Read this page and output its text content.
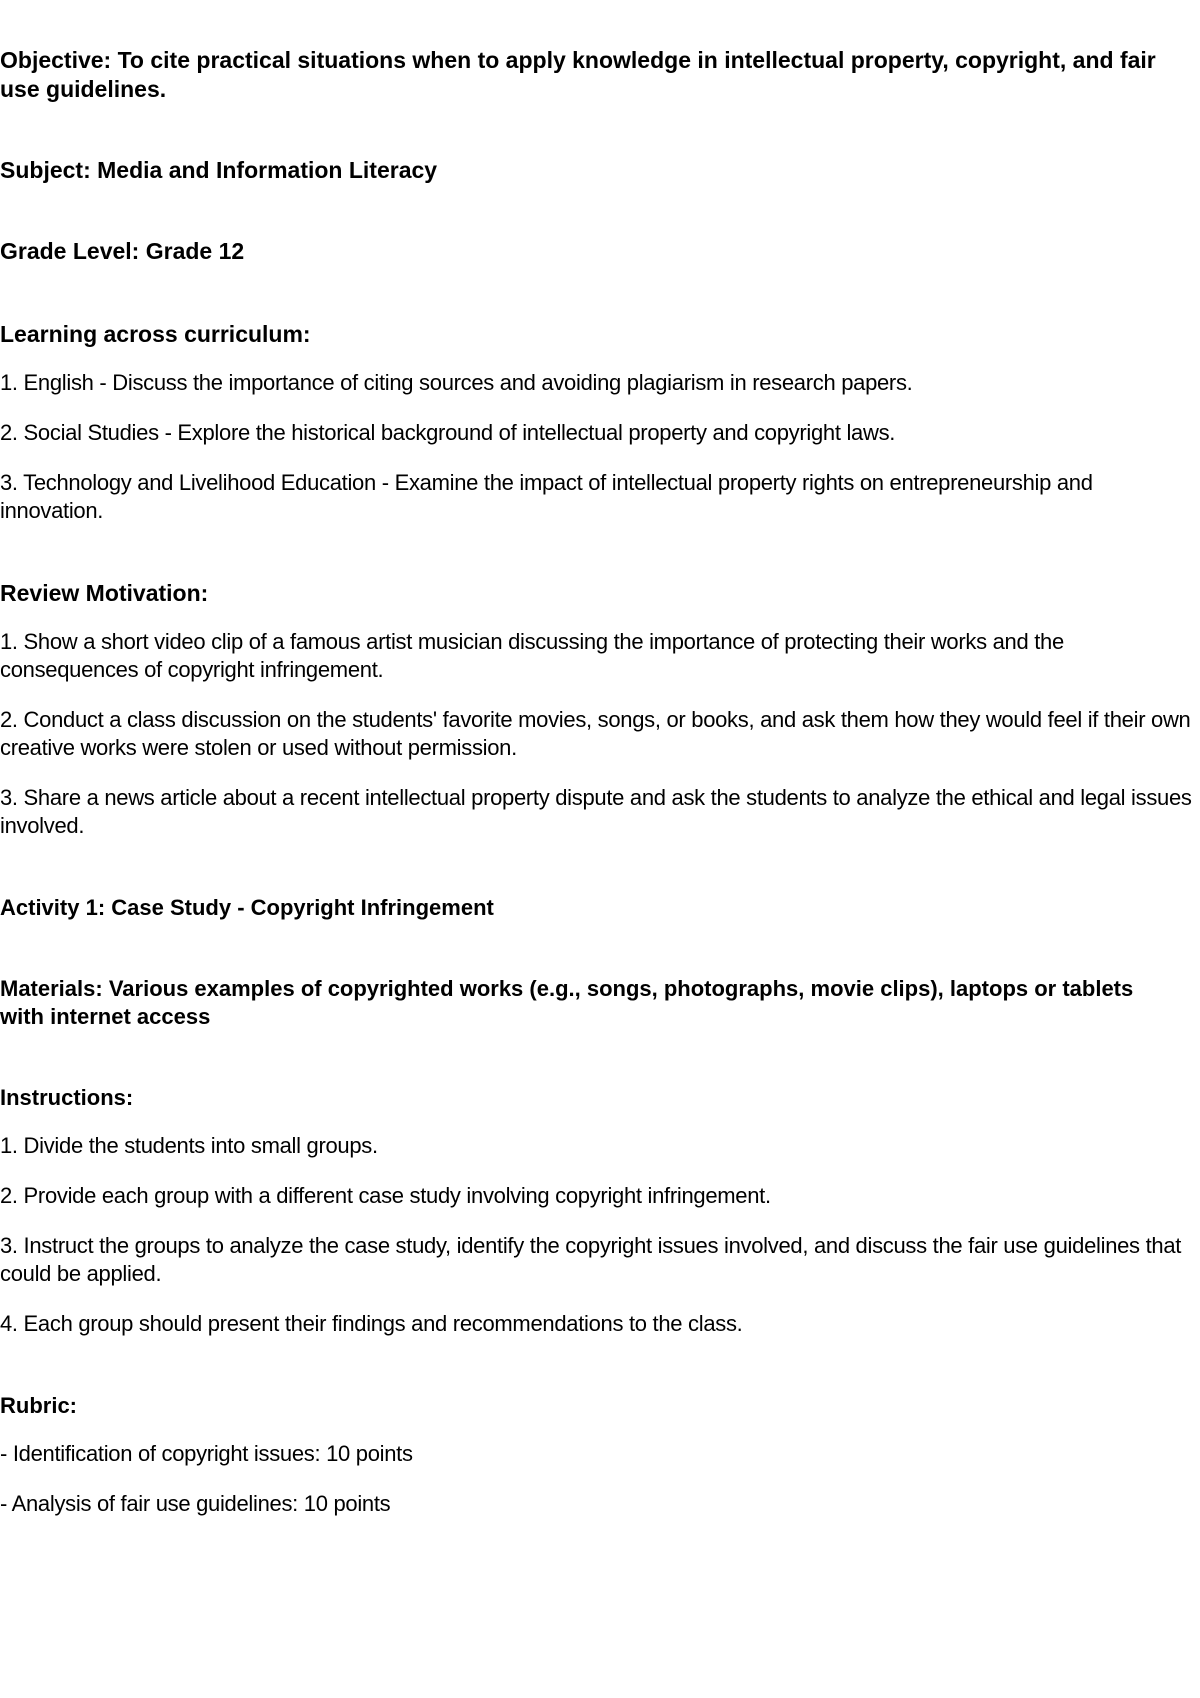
Objective: To cite practical situations when to apply knowledge in intellectual property, copyright, and fair use guidelines.

Subject: Media and Information Literacy

Grade Level: Grade 12

Learning across curriculum:

1. English - Discuss the importance of citing sources and avoiding plagiarism in research papers.

2. Social Studies - Explore the historical background of intellectual property and copyright laws.

3. Technology and Livelihood Education - Examine the impact of intellectual property rights on entrepreneurship and innovation.

Review Motivation:

1. Show a short video clip of a famous artist musician discussing the importance of protecting their works and the consequences of copyright infringement.

2. Conduct a class discussion on the students' favorite movies, songs, or books, and ask them how they would feel if their own creative works were stolen or used without permission.

3. Share a news article about a recent intellectual property dispute and ask the students to analyze the ethical and legal issues involved.

Activity 1: Case Study - Copyright Infringement

Materials: Various examples of copyrighted works (e.g., songs, photographs, movie clips), laptops or tablets with internet access

Instructions:

1. Divide the students into small groups.

2. Provide each group with a different case study involving copyright infringement.

3. Instruct the groups to analyze the case study, identify the copyright issues involved, and discuss the fair use guidelines that could be applied.

4. Each group should present their findings and recommendations to the class.

Rubric:

- Identification of copyright issues: 10 points

- Analysis of fair use guidelines: 10 points
